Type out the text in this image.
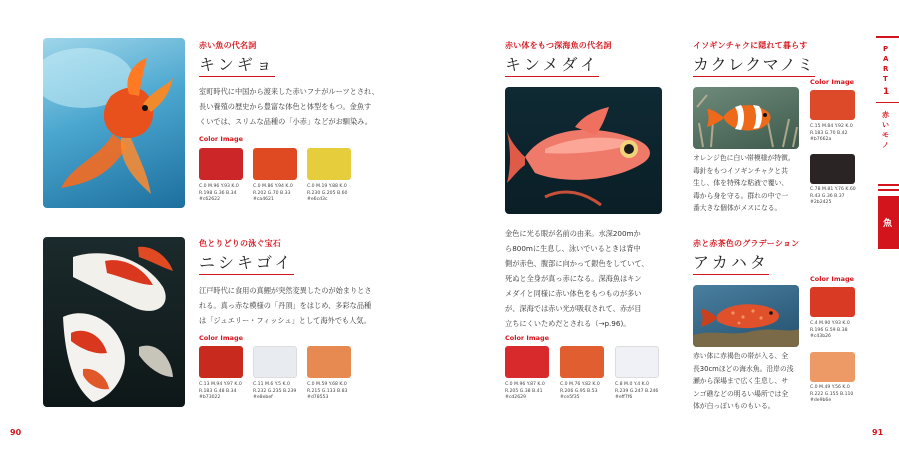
赤い魚の代名詞
キンギョ
室町時代に中国から渡来した赤いフナがルーツとされ、
長い養殖の歴史から豊富な体色と体型をもつ。金魚す
くいでは、スリムな品種の「小赤」などがお馴染み。
Color Image
C.0 M.96 Y.93 K.0
R.198 G.36 B.34
#c62622
C.0 M.86 Y.94 K.0
R.202 G.70 B.33
#ca4621
C.0 M.19 Y.88 K.0
R.230 G.205 B.60
#e6cd3c
色とりどりの泳ぐ宝石
ニシキゴイ
江戸時代に食用の真鯉が突然変異したのが始まりとさ
れる。真っ赤な模様の「丹頂」をはじめ、多彩な品種
は「ジュエリー・フィッシュ」として海外でも人気。
Color Image
C.13 M.94 Y.97 K.0
R.183 G.48 B.34
#b73022
C.11 M.6 Y.5 K.0
R.232 G.235 B.239
#e8ebef
C.0 M.59 Y.68 K.0
R.215 G.133 B.83
#d78553
90
赤い体をもつ深海魚の代名詞
キンメダイ
金色に光る眼が名前の由来。水深200mか
ら800mに生息し、泳いでいるときは背中
側が赤色、腹部に向かって銀色をしていて、
死ぬと全身が真っ赤になる。深海魚はキン
メダイと同様に赤い体色をもつものが多い
が、深海では赤い光が吸収されて、赤が目
立ちにくいためだとされる（→p.96)。
Color Image
C.0 M.96 Y.87 K.0
R.205 G.38 B.41
#cd2629
C.0 M.76 Y.82 K.0
R.206 G.95 B.53
#ce5f35
C.8 M.0 Y.4 K.0
R.239 G.247 B.246
#eff7f6
イソギンチャクに隠れて暮らす
カクレクマノミ
Color Image
C.15 M.84 Y.92 K.0
R.183 G.70 B.42
#b7662a
C.78 M.81 Y.76 K.60
R.43 G.36 B.37
#2b2425
オレンジ色に白い帯模様が特徴。
毒針をもつイソギンチャクと共
生し、体を特殊な粘液で覆い、
毒から身を守る。群れの中で一
番大きな個体がメスになる。
赤と赤茶色のグラデーション
アカハタ
Color Image
C.4 M.90 Y.93 K.0
R.196 G.59 B.38
#c43b26
C.0 M.49 Y.56 K.0
R.222 G.155 B.110
#de9b6e
赤い体に赤褐色の帯が入る、全
長30cmほどの海水魚。沿岸の浅
瀬から深場まで広く生息し、サ
ンゴ礁などの明るい場所では全
体が白っぽいものもいる。
91
P
A
R
T
1
赤
い
モ
ノ
魚
